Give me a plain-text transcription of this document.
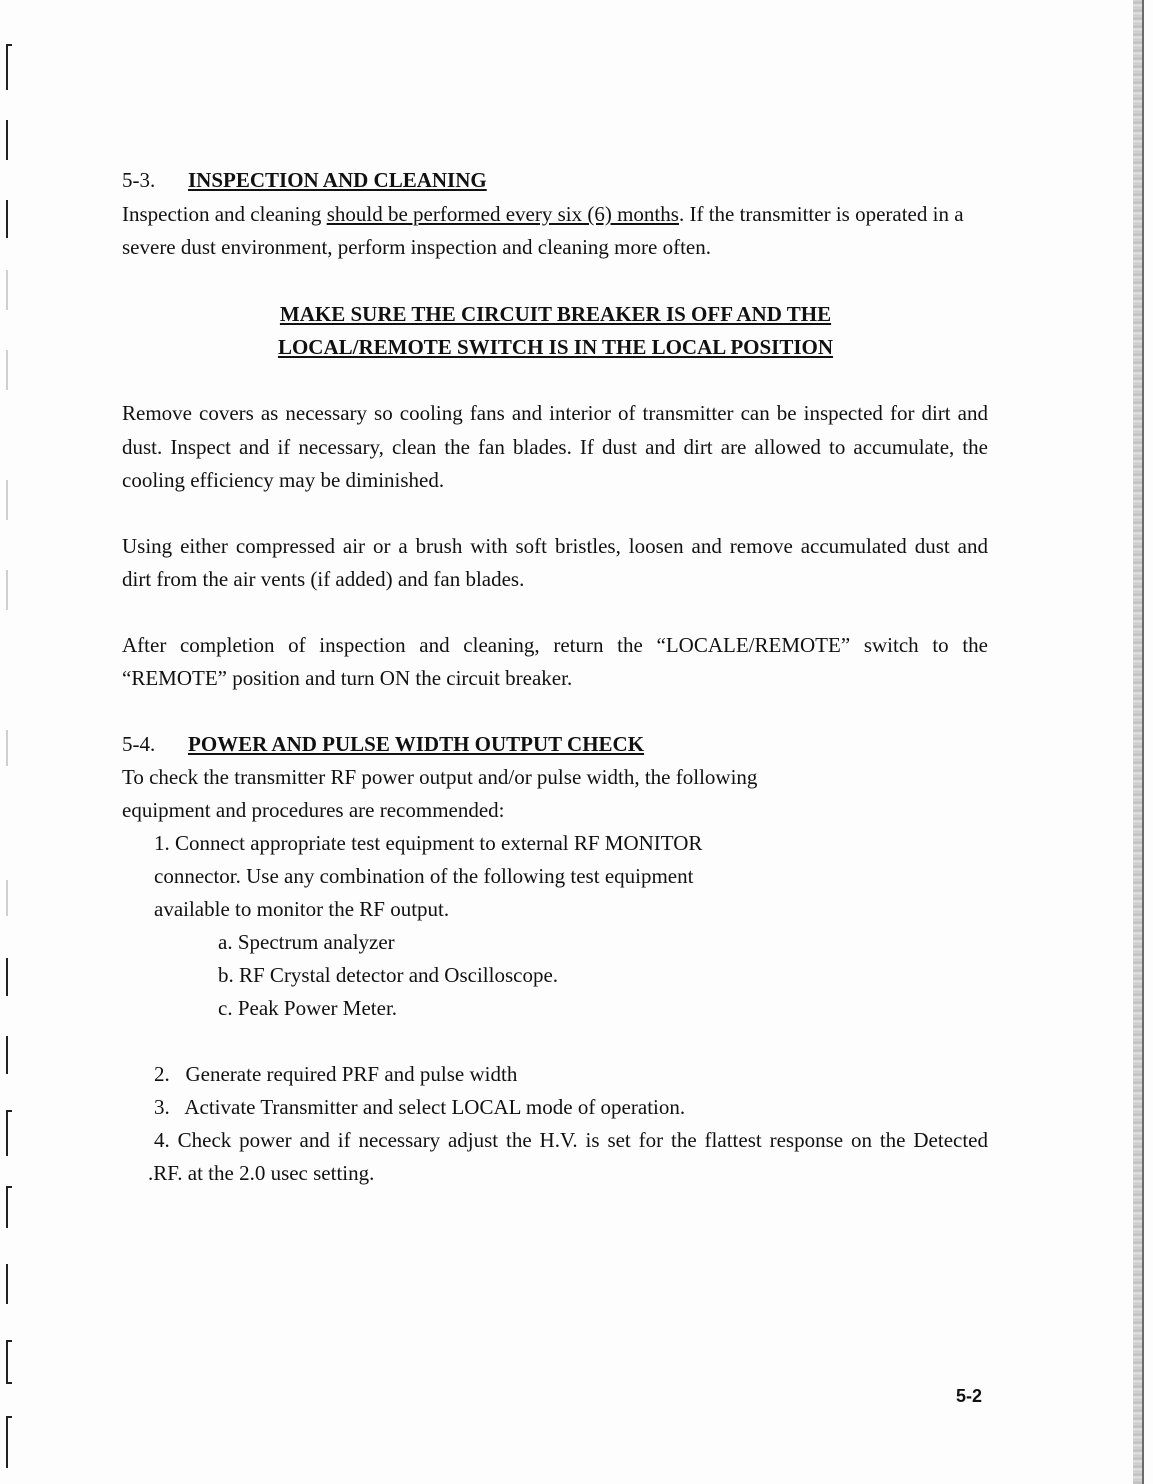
5-3. INSPECTION AND CLEANING
Inspection and cleaning should be performed every six (6) months. If the transmitter is operated in a
severe dust environment, perform inspection and cleaning more often.
MAKE SURE THE CIRCUIT BREAKER IS OFF AND THE
LOCAL/REMOTE SWITCH IS IN THE LOCAL POSITION
Remove covers as necessary so cooling fans and interior of transmitter can be inspected for dirt and
dust. Inspect and if necessary, clean the fan blades. If dust and dirt are allowed to accumulate, the
cooling efficiency may be diminished.
Using either compressed air or a brush with soft bristles, loosen and remove accumulated dust and
dirt from the air vents (if added) and fan blades.
After completion of inspection and cleaning, return the “LOCALE/REMOTE” switch to the
“REMOTE” position and turn ON the circuit breaker.
5-4. POWER AND PULSE WIDTH OUTPUT CHECK
To check the transmitter RF power output and/or pulse width, the following
equipment and procedures are recommended:
1. Connect appropriate test equipment to external RF MONITOR
connector. Use any combination of the following test equipment
available to monitor the RF output.
a. Spectrum analyzer
b. RF Crystal detector and Oscilloscope.
c. Peak Power Meter.
2.   Generate required PRF and pulse width
3.   Activate Transmitter and select LOCAL mode of operation.
4. Check power and if necessary adjust the H.V. is set for the flattest response on the Detected
.RF. at the 2.0 usec setting.
5-2
